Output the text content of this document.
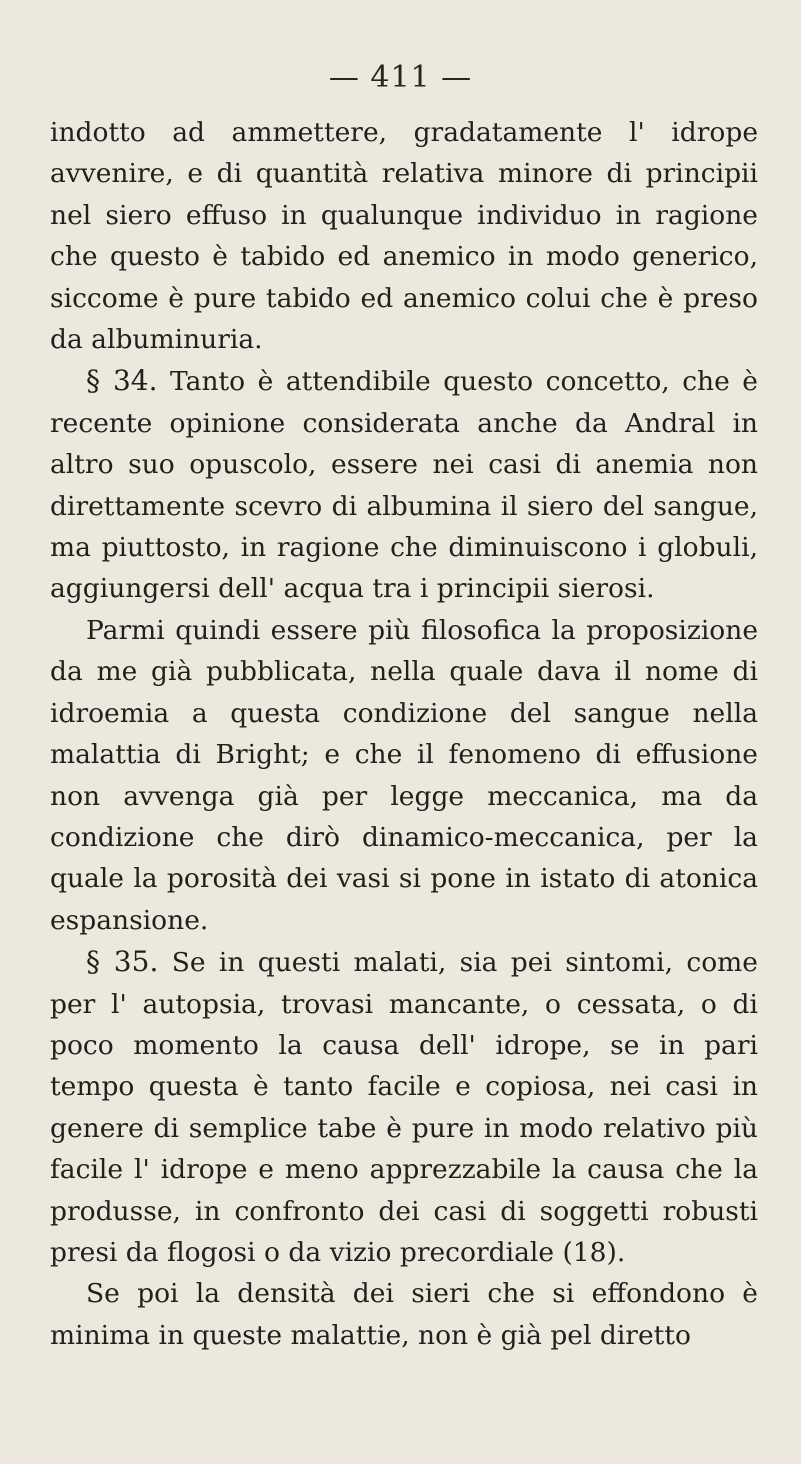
— 411 —

indotto ad ammettere, gradatamente l' idrope avvenire, e di quantità relativa minore di principii nel siero effuso in qualunque individuo in ragione che questo è tabido ed anemico in modo generico, siccome è pure tabido ed anemico colui che è preso da albuminuria.

§ 34. Tanto è attendibile questo concetto, che è recente opinione considerata anche da Andral in altro suo opuscolo, essere nei casi di anemia non direttamente scevro di albumina il siero del sangue, ma piuttosto, in ragione che diminuiscono i globuli, aggiungersi dell' acqua tra i principii sierosi.

Parmi quindi essere più filosofica la proposizione da me già pubblicata, nella quale dava il nome di idroemia a questa condizione del sangue nella malattia di Bright; e che il fenomeno di effusione non avvenga già per legge meccanica, ma da condizione che dirò dinamico-meccanica, per la quale la porosità dei vasi si pone in istato di atonica espansione.

§ 35. Se in questi malati, sia pei sintomi, come per l' autopsia, trovasi mancante, o cessata, o di poco momento la causa dell' idrope, se in pari tempo questa è tanto facile e copiosa, nei casi in genere di semplice tabe è pure in modo relativo più facile l' idrope e meno apprezzabile la causa che la produsse, in confronto dei casi di soggetti robusti presi da flogosi o da vizio precordiale (18).

Se poi la densità dei sieri che si effondono è minima in queste malattie, non è già pel diretto
